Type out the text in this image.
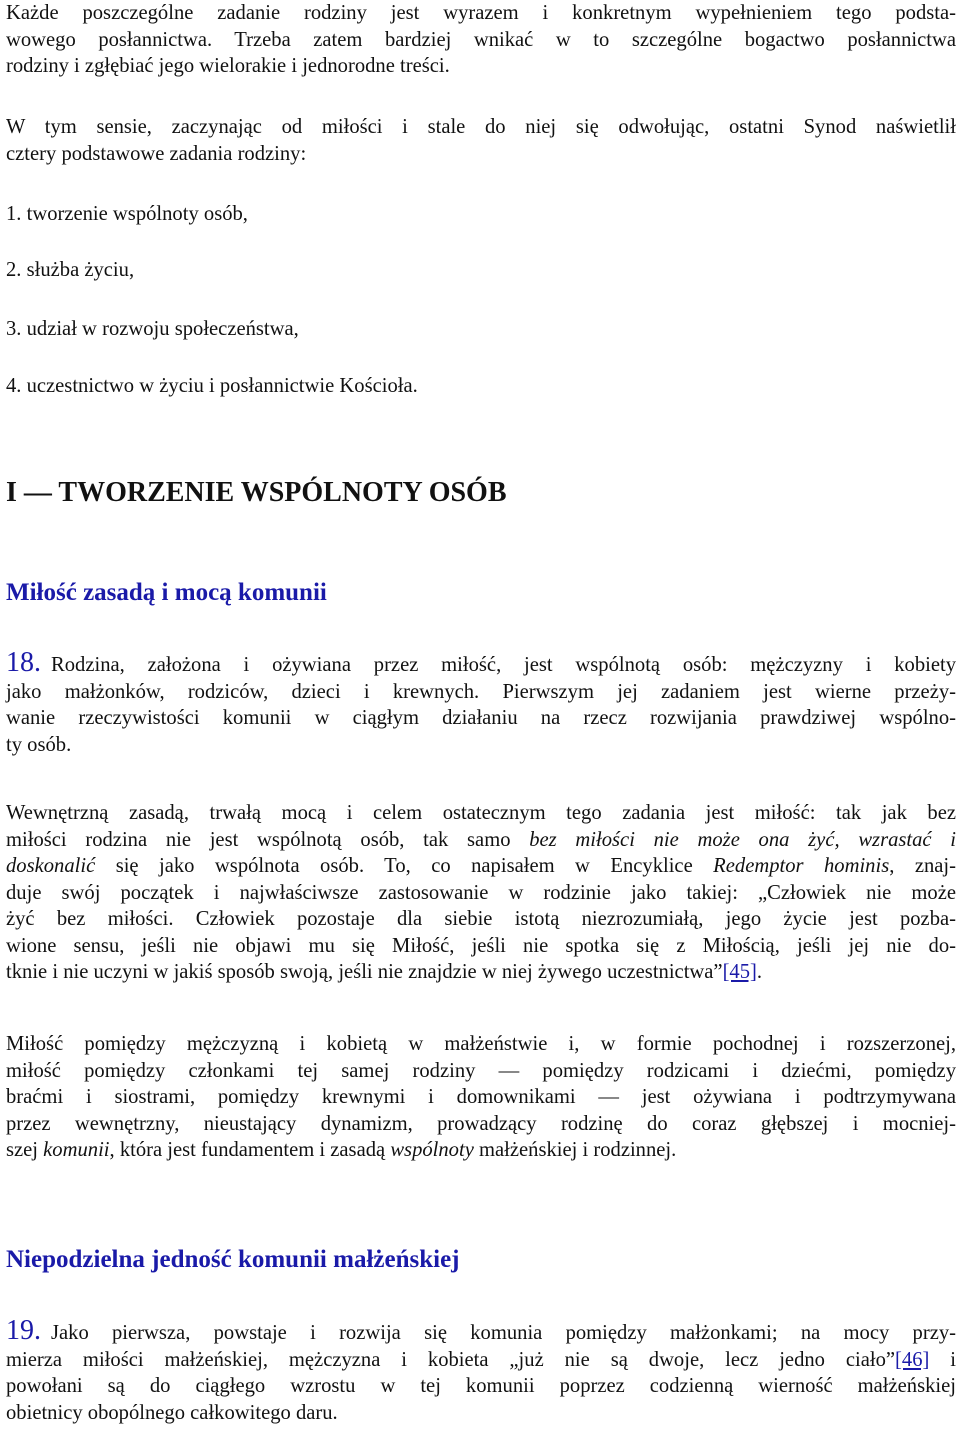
Każde poszczególne zadanie rodziny jest wyrazem i konkretnym wypełnieniem tego podsta-
wowego posłannictwa. Trzeba zatem bardziej wnikać w to szczególne bogactwo posłannictwa
rodziny i zgłębiać jego wielorakie i jednorodne treści.

W tym sensie, zaczynając od miłości i stale do niej się odwołując, ostatni Synod naświetlił
cztery podstawowe zadania rodziny:

1. tworzenie wspólnoty osób,
2. służba życiu,
3. udział w rozwoju społeczeństwa,
4. uczestnictwo w życiu i posłannictwie Kościoła.
I — TWORZENIE WSPÓLNOTY OSÓB
Miłość zasadą i mocą komunii

18. Rodzina, założona i ożywiana przez miłość, jest wspólnotą osób: mężczyzny i kobiety
jako małżonków, rodziców, dzieci i krewnych. Pierwszym jej zadaniem jest wierne przeży-
wanie rzeczywistości komunii w ciągłym działaniu na rzecz rozwijania prawdziwej wspólno-
ty osób.

Wewnętrzną zasadą, trwałą mocą i celem ostatecznym tego zadania jest miłość: tak jak bez
miłości rodzina nie jest wspólnotą osób, tak samo bez miłości nie może ona żyć, wzrastać i
doskonalić się jako wspólnota osób. To, co napisałem w Encyklice Redemptor hominis, znaj-
duje swój początek i najwłaściwsze zastosowanie w rodzinie jako takiej: „Człowiek nie może
żyć bez miłości. Człowiek pozostaje dla siebie istotą niezrozumiałą, jego życie jest pozba-
wione sensu, jeśli nie objawi mu się Miłość, jeśli nie spotka się z Miłością, jeśli jej nie do-
tknie i nie uczyni w jakiś sposób swoją, jeśli nie znajdzie w niej żywego uczestnictwa”[45].

Miłość pomiędzy mężczyzną i kobietą w małżeństwie i, w formie pochodnej i rozszerzonej,
miłość pomiędzy członkami tej samej rodziny — pomiędzy rodzicami i dziećmi, pomiędzy
braćmi i siostrami, pomiędzy krewnymi i domownikami — jest ożywiana i podtrzymywana
przez wewnętrzny, nieustający dynamizm, prowadzący rodzinę do coraz głębszej i mocniej-
szej komunii, która jest fundamentem i zasadą wspólnoty małżeńskiej i rodzinnej.

Niepodzielna jedność komunii małżeńskiej

19. Jako pierwsza, powstaje i rozwija się komunia pomiędzy małżonkami; na mocy przy-
mierza miłości małżeńskiej, mężczyzna i kobieta „już nie są dwoje, lecz jedno ciało”[46] i
powołani są do ciągłego wzrostu w tej komunii poprzez codzienną wierność małżeńskiej
obietnicy obopólnego całkowitego daru.
